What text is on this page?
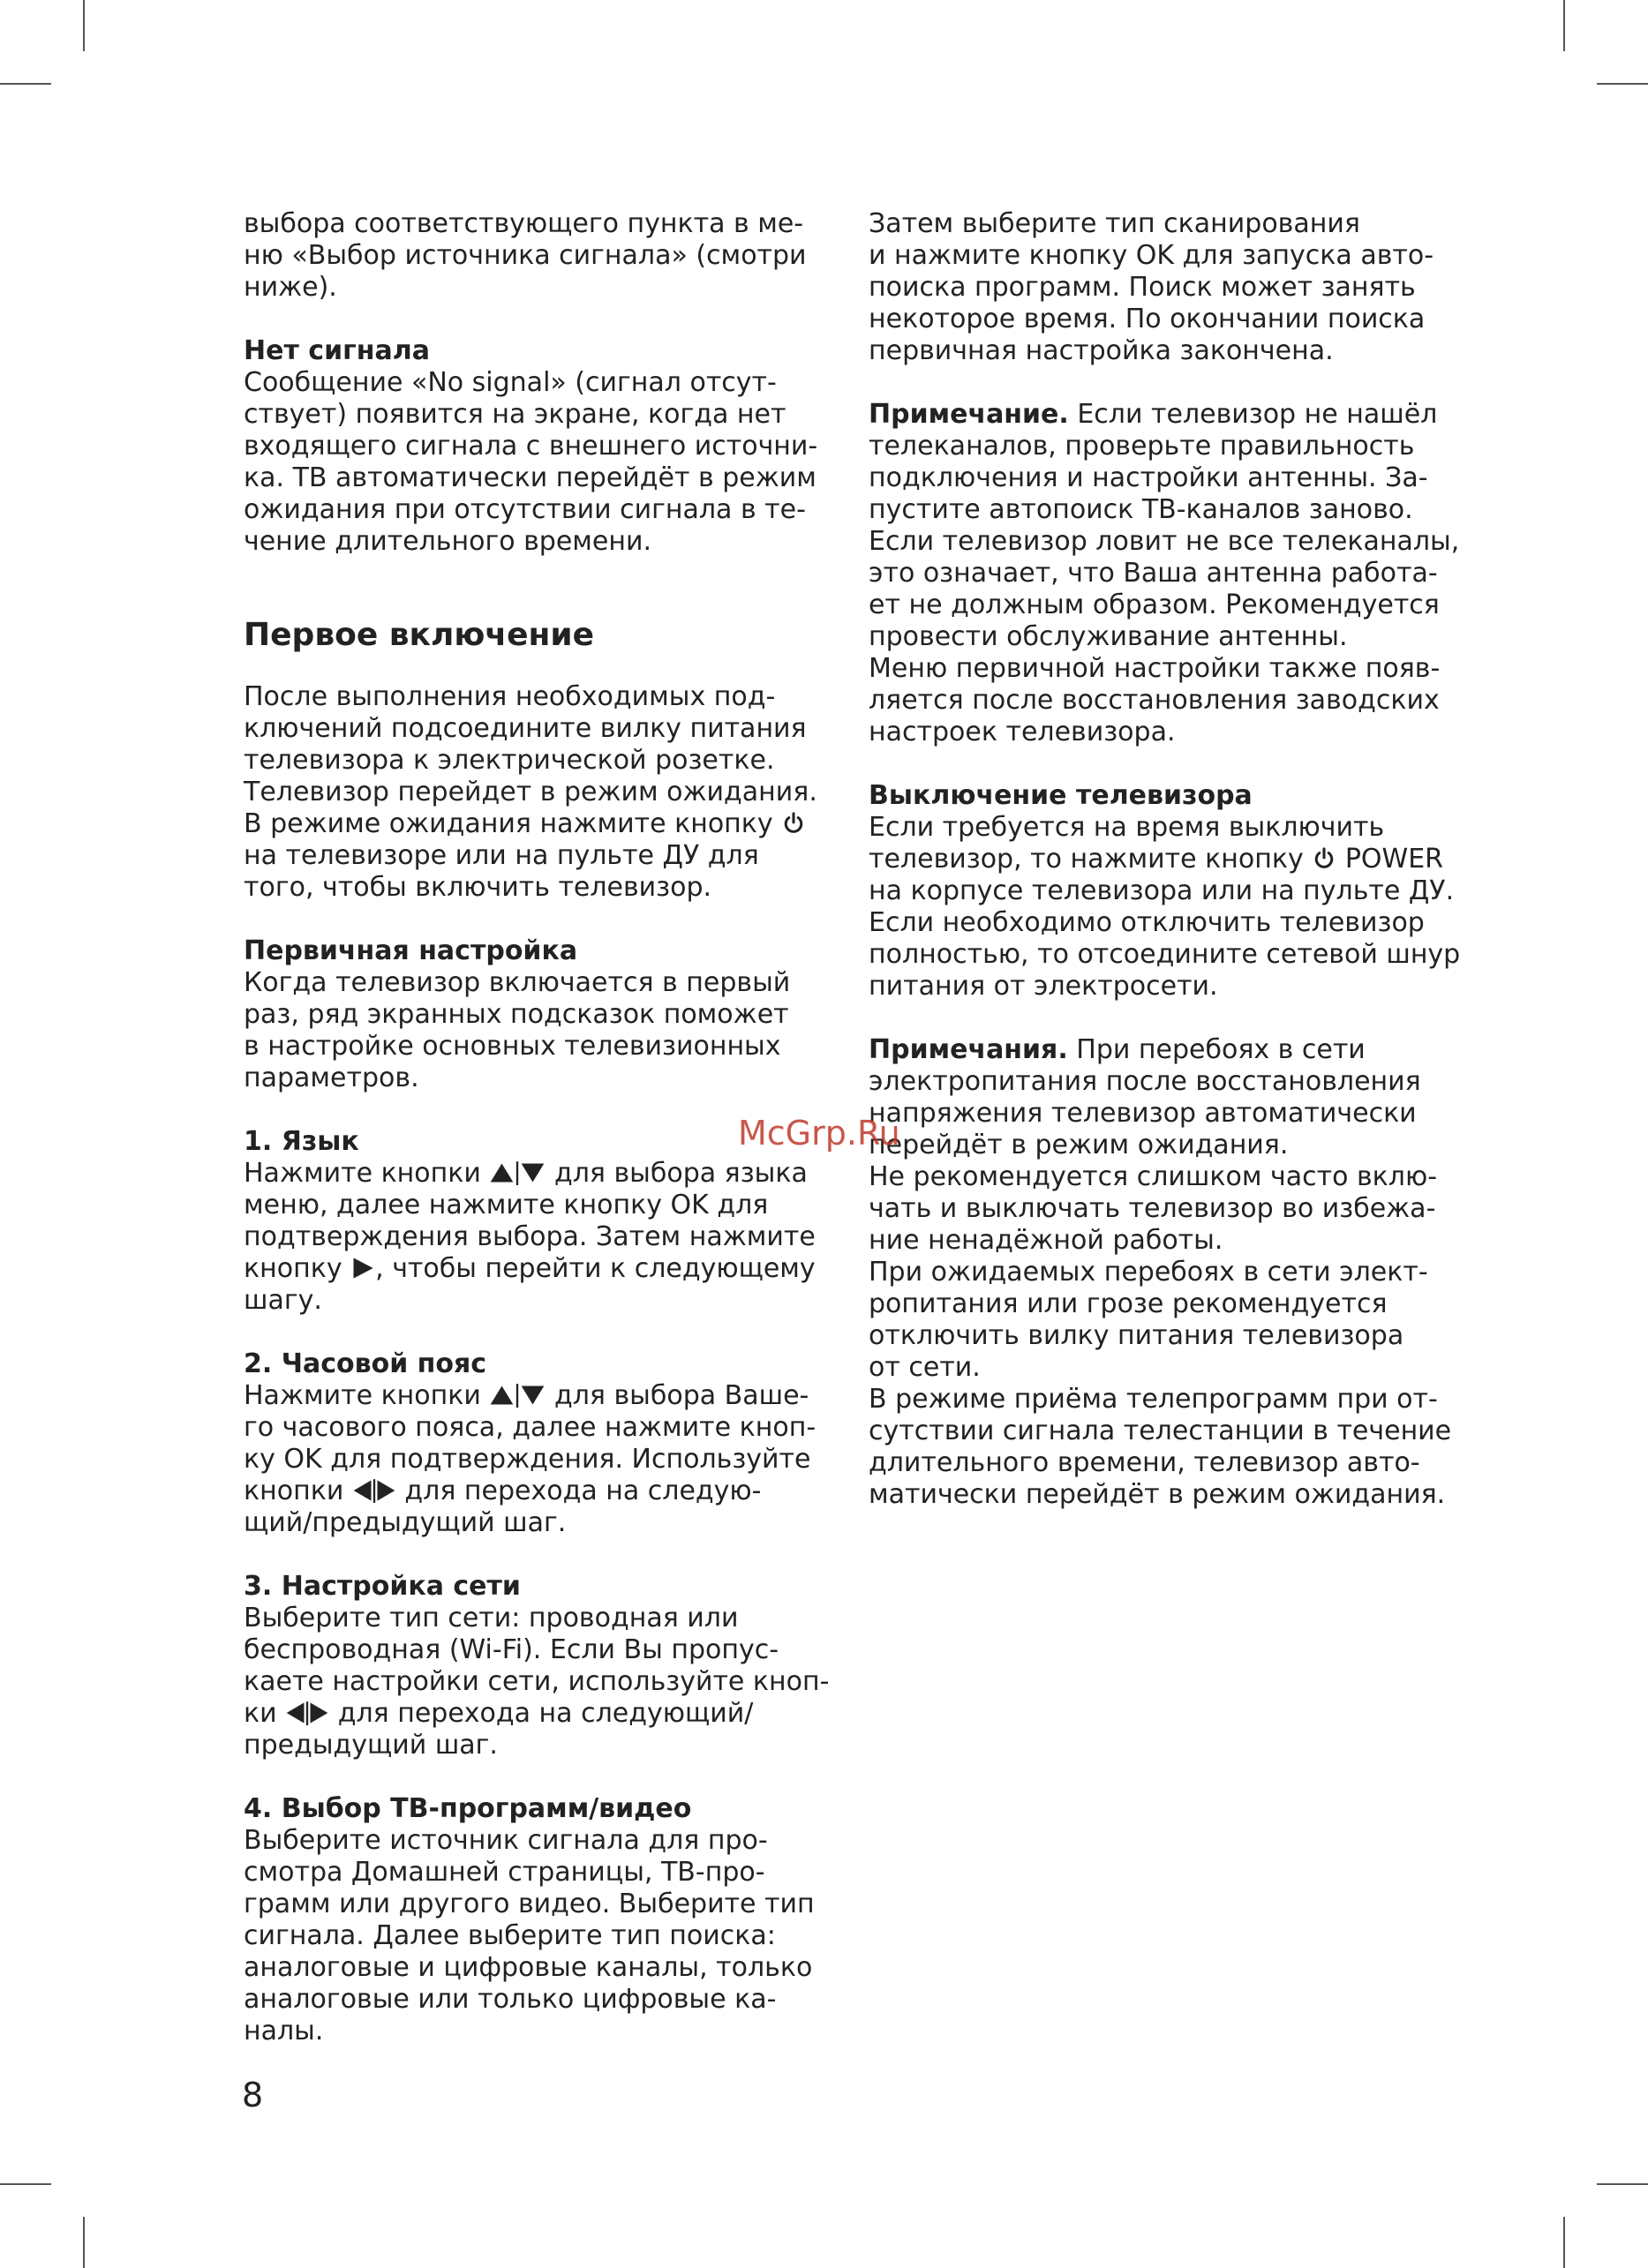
выбора соответствующего пункта в ме-
ню «Выбор источника сигнала» (смотри
ниже).
Нет сигнала
Сообщение «No signal» (сигнал отсут-
ствует) появится на экране, когда нет
входящего сигнала с внешнего источни-
ка. ТВ автоматически перейдёт в режим
ожидания при отсутствии сигнала в те-
чение длительного времени.
Первое включение
После выполнения необходимых под-
ключений подсоедините вилку питания
телевизора к электрической розетке.
Телевизор перейдет в режим ожидания.
В режиме ожидания нажмите кнопку
на телевизоре или на пульте ДУ для
того, чтобы включить телевизор.
Первичная настройка
Когда телевизор включается в первый
раз, ряд экранных подсказок поможет
в настройке основных телевизионных
параметров.
1. Язык
Нажмите кнопки	для выбора языка
меню, далее нажмите кнопку OK для
подтверждения выбора. Затем нажмите
кнопку , чтобы перейти к следующему
шагу.
2. Часовой пояс
Нажмите кнопки	для выбора Ваше-
го часового пояса, далее нажмите кноп-
ку OK для подтверждения. Используйте
кнопки для перехода на следую-
щий/предыдущий шаг.
3. Настройка сети
Выберите тип сети: проводная или
беспроводная (Wi-Fi). Если Вы пропус-
каете настройки сети, используйте кноп-
ки для перехода на следующий/
предыдущий шаг.
4. Выбор ТВ-программ/видео
Выберите источник сигнала для про-
смотра Домашней страницы, ТВ-про-
грамм или другого видео. Выберите тип
сигнала. Далее выберите тип поиска:
аналоговые и цифровые каналы, только
аналоговые или только цифровые ка-
налы.
Затем выберите тип сканирования
и нажмите кнопку OK для запуска авто-
поиска программ. Поиск может занять
некоторое время. По окончании поиска
первичная настройка закончена.
Примечание. Если телевизор не нашёл
телеканалов, проверьте правильность
подключения и настройки антенны. За-
пустите автопоиск ТВ-каналов заново.
Если телевизор ловит не все телеканалы,
это означает, что Ваша антенна работа-
ет не должным образом. Рекомендуется
провести обслуживание антенны.
Меню первичной настройки также появ-
ляется после восстановления заводских
настроек телевизора.
Выключение телевизора
Если требуется на время выключить
телевизор, то нажмите кнопку POWER
на корпусе телевизора или на пульте ДУ.
Если необходимо отключить телевизор
полностью, то отсоедините сетевой шнур
питания от электросети.
Примечания. При перебоях в сети
электропитания после восстановления
напряжения телевизор автоматически
перейдёт в режим ожидания.
Не рекомендуется слишком часто вклю-
чать и выключать телевизор во избежа-
ние ненадёжной работы.
При ожидаемых перебоях в сети элект-
ропитания или грозе рекомендуется
отключить вилку питания телевизора
от сети.
В режиме приёма телепрограмм при от-
сутствии сигнала телестанции в течение
длительного времени, телевизор авто-
матически перейдёт в режим ожидания.
McGrp.Ru
8
